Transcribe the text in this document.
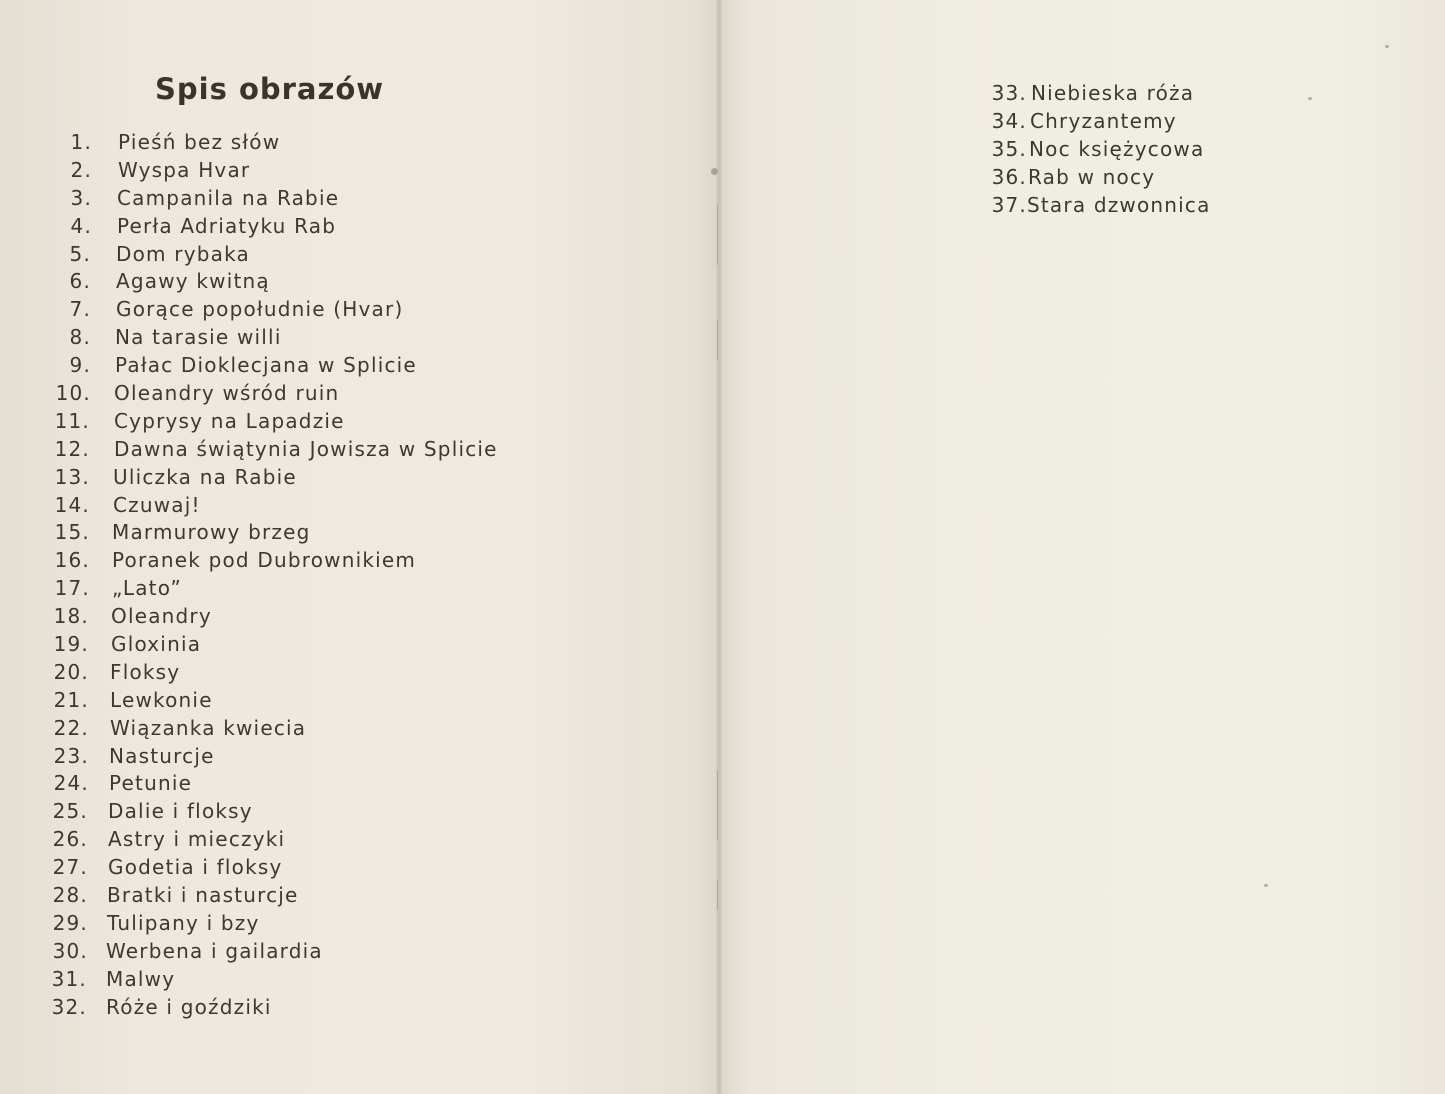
Spis obrazów
1. Pieśń bez słów
2. Wyspa Hvar
3. Campanila na Rabie
4. Perła Adriatyku Rab
5. Dom rybaka
6. Agawy kwitną
7. Gorące popołudnie (Hvar)
8. Na tarasie willi
9. Pałac Dioklecjana w Splicie
10. Oleandry wśród ruin
11. Cyprysy na Lapadzie
12. Dawna świątynia Jowisza w Splicie
13. Uliczka na Rabie
14. Czuwaj!
15. Marmurowy brzeg
16. Poranek pod Dubrownikiem
17. „Lato”
18. Oleandry
19. Gloxinia
20. Floksy
21. Lewkonie
22. Wiązanka kwiecia
23. Nasturcje
24. Petunie
25. Dalie i floksy
26. Astry i mieczyki
27. Godetia i floksy
28. Bratki i nasturcje
29. Tulipany i bzy
30. Werbena i gailardia
31. Malwy
32. Róże i goździki
33. Niebieska róża
34. Chryzantemy
35. Noc księżycowa
36. Rab w nocy
37. Stara dzwonnica
